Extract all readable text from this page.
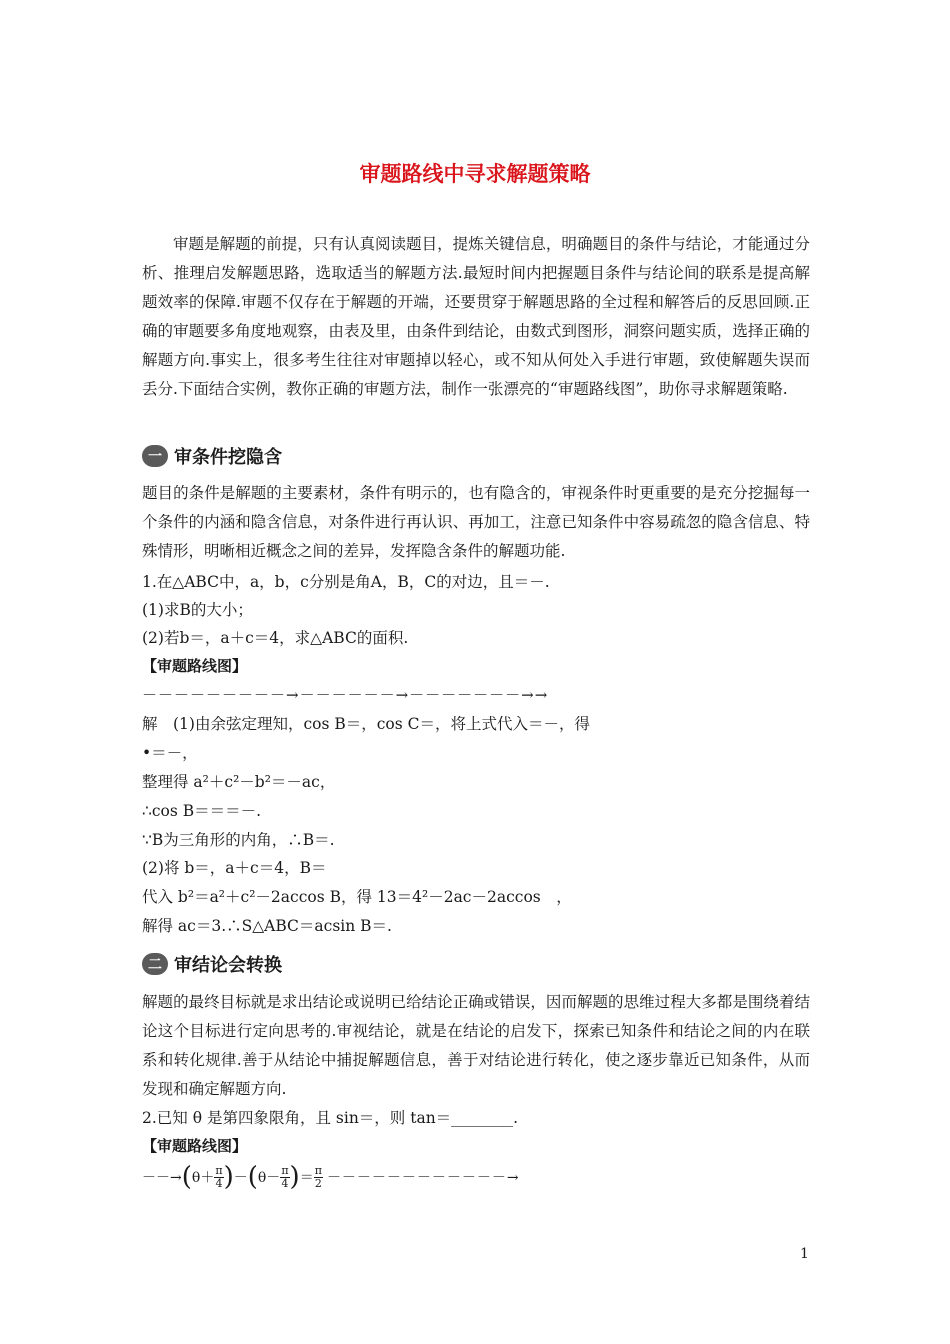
审题路线中寻求解题策略
审题是解题的前提，只有认真阅读题目，提炼关键信息，明确题目的条件与结论，才能通过分析、推理启发解题思路，选取适当的解题方法.最短时间内把握题目条件与结论间的联系是提高解题效率的保障.审题不仅存在于解题的开端，还要贯穿于解题思路的全过程和解答后的反思回顾.正确的审题要多角度地观察，由表及里，由条件到结论，由数式到图形，洞察问题实质，选择正确的解题方向.事实上，很多考生往往对审题掉以轻心，或不知从何处入手进行审题，致使解题失误而丢分.下面结合实例，教你正确的审题方法，制作一张漂亮的“审题路线图”，助你寻求解题策略.
一 审条件挖隐含
题目的条件是解题的主要素材，条件有明示的，也有隐含的，审视条件时更重要的是充分挖掘每一个条件的内涵和隐含信息，对条件进行再认识、再加工，注意已知条件中容易疏忽的隐含信息、特殊情形，明晰相近概念之间的差异，发挥隐含条件的解题功能.
1.在△ABC中，a，b，c分别是角A，B，C的对边，且＝－.
(1)求B的大小；
(2)若b＝，a＋c＝4，求△ABC的面积.
【审题路线图】
－－－－－－－－－→－－－－－－→－－－－－－－→→
解　(1)由余弦定理知，cos B＝，cos C＝，将上式代入＝－，得
•＝－，
整理得 a²＋c²－b²＝－ac，
∴cos B＝＝＝－.
∵B为三角形的内角，∴B＝.
(2)将 b＝，a＋c＝4，B＝
代入 b²＝a²＋c²－2accos B，得 13＝4²－2ac－2accos　，
解得 ac＝3.∴S△ABC＝acsin B＝.
二 审结论会转换
解题的最终目标就是求出结论或说明已给结论正确或错误，因而解题的思维过程大多都是围绕着结论这个目标进行定向思考的.审视结论，就是在结论的启发下，探索已知条件和结论之间的内在联系和转化规律.善于从结论中捕捉解题信息，善于对结论进行转化，使之逐步靠近已知条件，从而发现和确定解题方向.
2.已知 θ 是第四象限角，且 sin＝，则 tan＝________.
【审题路线图】
－－→ ( $\theta+ \frac{\pi}{4}$ ) － ( $\theta- \frac{\pi}{4}$ ) ＝ $\frac{\pi}{2}$ －－－－－－－－－－－－→
1
